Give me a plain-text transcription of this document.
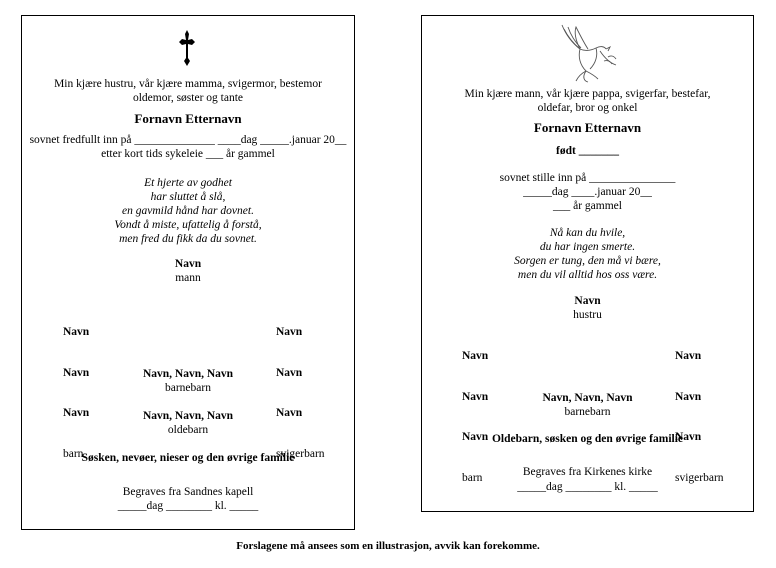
Min kjære hustru, vår kjære mamma, svigermor, bestemor
oldemor, søster og tante
Fornavn Etternavn
sovnet fredfullt inn på ______________ ____dag _____.januar 20__
etter kort tids sykeleie ___ år gammel
Et hjerte av godhet
har sluttet å slå,
en gavmild hånd har dovnet.
Vondt å miste, ufattelig å forstå,
men fred du fikk da du sovnet.
Navn
mann

Navn

Navn

Navn

barn

Navn

Navn

Navn

svigerbarn

Navn, Navn, Navn
barnebarn
Navn, Navn, Navn
oldebarn
Søsken, nevøer, nieser og den øvrige familie
Begraves fra Sandnes kapell
_____dag ________ kl. _____
Min kjære mann, vår kjære pappa, svigerfar, bestefar,
oldefar, bror og onkel
Fornavn Etternavn
født _______
sovnet stille inn på _______________
_____dag ____.januar 20__
___ år gammel
Nå kan du hvile,
du har ingen smerte.
Sorgen er tung, den må vi bære,
men du vil alltid hos oss være.
Navn
hustru

Navn

Navn

Navn

barn

Navn

Navn

Navn

svigerbarn

Navn, Navn, Navn
barnebarn
Oldebarn, søsken og den øvrige familie
Begraves fra Kirkenes kirke
_____dag ________ kl. _____
Forslagene må ansees som en illustrasjon, avvik kan forekomme.
